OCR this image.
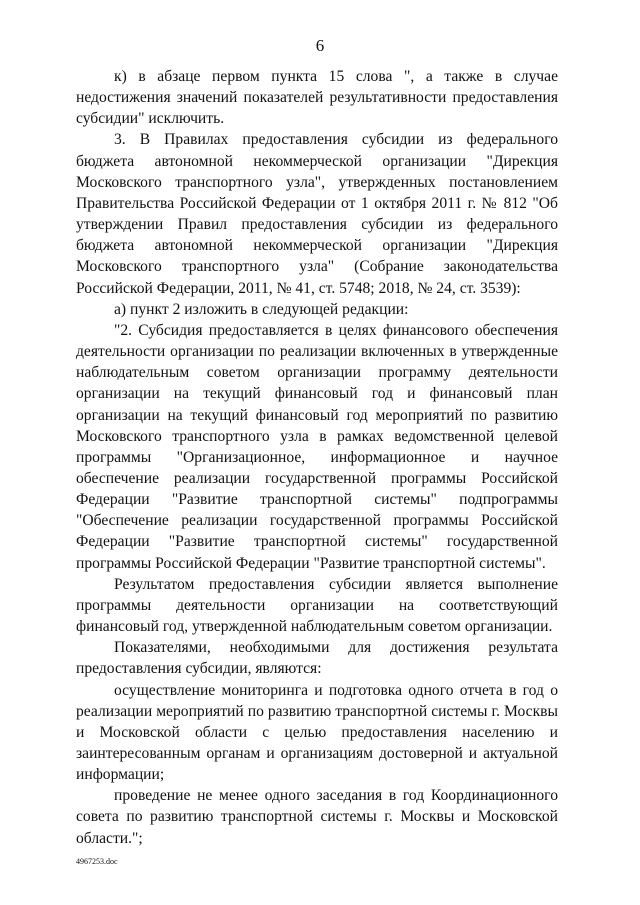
6

к) в абзаце первом пункта 15 слова ", а также в случае недостижения значений показателей результативности предоставления субсидии" исключить.

3. В Правилах предоставления субсидии из федерального бюджета автономной некоммерческой организации "Дирекция Московского транспортного узла", утвержденных постановлением Правительства Российской Федерации от 1 октября 2011 г. № 812 "Об утверждении Правил предоставления субсидии из федерального бюджета автономной некоммерческой организации "Дирекция Московского транспортного узла" (Собрание законодательства Российской Федерации, 2011, № 41, ст. 5748; 2018, № 24, ст. 3539):

а) пункт 2 изложить в следующей редакции:

"2. Субсидия предоставляется в целях финансового обеспечения деятельности организации по реализации включенных в утвержденные наблюдательным советом организации программу деятельности организации на текущий финансовый год и финансовый план организации на текущий финансовый год мероприятий по развитию Московского транспортного узла в рамках ведомственной целевой программы "Организационное, информационное и научное обеспечение реализации государственной программы Российской Федерации "Развитие транспортной системы" подпрограммы "Обеспечение реализации государственной программы Российской Федерации "Развитие транспортной системы" государственной программы Российской Федерации "Развитие транспортной системы".

Результатом предоставления субсидии является выполнение программы деятельности организации на соответствующий финансовый год, утвержденной наблюдательным советом организации.

Показателями, необходимыми для достижения результата предоставления субсидии, являются:

осуществление мониторинга и подготовка одного отчета в год о реализации мероприятий по развитию транспортной системы г. Москвы и Московской области с целью предоставления населению и заинтересованным органам и организациям достоверной и актуальной информации;

проведение не менее одного заседания в год Координационного совета по развитию транспортной системы г. Москвы и Московской области.";

4967253.doc
